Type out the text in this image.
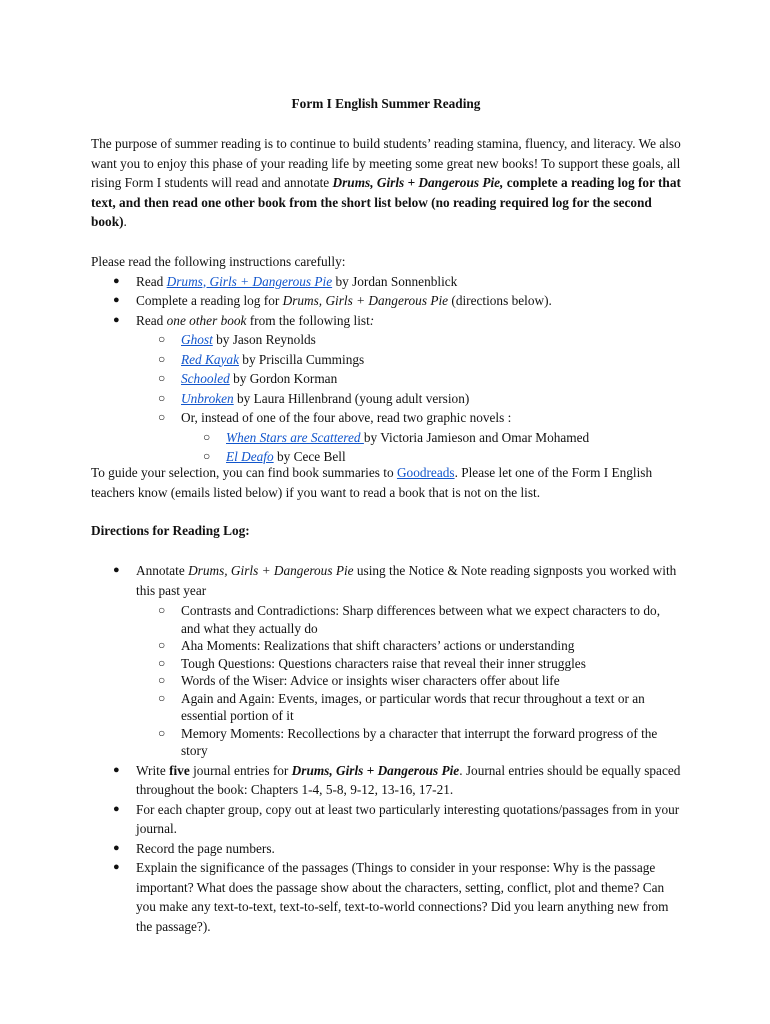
Form I English Summer Reading
The purpose of summer reading is to continue to build students’ reading stamina, fluency, and literacy. We also want you to enjoy this phase of your reading life by meeting some great new books! To support these goals, all rising Form I students will read and annotate Drums, Girls + Dangerous Pie, complete a reading log for that text, and then read one other book from the short list below (no reading required log for the second book).
Please read the following instructions carefully:
● Read Drums, Girls + Dangerous Pie by Jordan Sonnenblick
● Complete a reading log for Drums, Girls + Dangerous Pie (directions below).
● Read one other book from the following list:
○ Ghost by Jason Reynolds
○ Red Kayak by Priscilla Cummings
○ Schooled by Gordon Korman
○ Unbroken by Laura Hillenbrand (young adult version)
○ Or, instead of one of the four above, read two graphic novels :
○ When Stars are Scattered by Victoria Jamieson and Omar Mohamed
○ El Deafo by Cece Bell
To guide your selection, you can find book summaries to Goodreads. Please let one of the Form I English teachers know (emails listed below) if you want to read a book that is not on the list.
Directions for Reading Log:
● Annotate Drums, Girls + Dangerous Pie using the Notice & Note reading signposts you worked with this past year
○ Contrasts and Contradictions: Sharp differences between what we expect characters to do, and what they actually do
○ Aha Moments: Realizations that shift characters’ actions or understanding
○ Tough Questions: Questions characters raise that reveal their inner struggles
○ Words of the Wiser: Advice or insights wiser characters offer about life
○ Again and Again: Events, images, or particular words that recur throughout a text or an essential portion of it
○ Memory Moments: Recollections by a character that interrupt the forward progress of the story
● Write five journal entries for Drums, Girls + Dangerous Pie. Journal entries should be equally spaced throughout the book: Chapters 1-4, 5-8, 9-12, 13-16, 17-21.
● For each chapter group, copy out at least two particularly interesting quotations/passages from in your journal.
● Record the page numbers.
● Explain the significance of the passages (Things to consider in your response: Why is the passage important? What does the passage show about the characters, setting, conflict, plot and theme? Can you make any text-to-text, text-to-self, text-to-world connections? Did you learn anything new from the passage?).
